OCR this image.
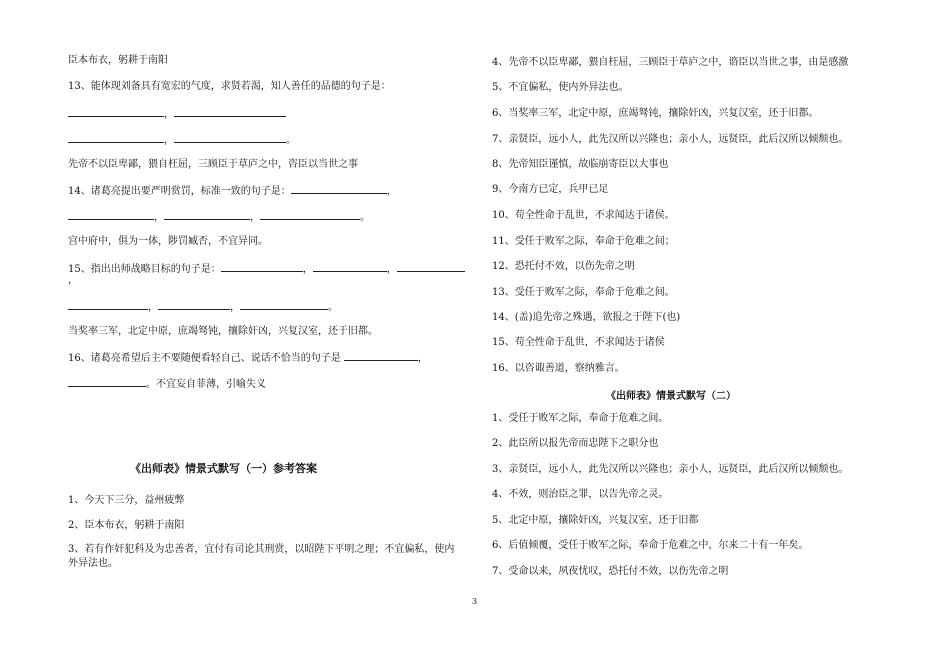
臣本布衣，躬耕于南阳
13、能体现刘备具有宽宏的气度，求贤若渴，知人善任的品德的句子是：
，
，	。
先帝不以臣卑鄙，猥自枉屈，三顾臣于草庐之中，咨臣以当世之事
14、诸葛亮提出要严明赏罚，标准一致的句子是：	，
，	，	。
宫中府中，俱为一体，陟罚臧否，不宜异同。
15、指出出师战略目标的句子是：	，	，
，
，	，	。
当奖率三军，北定中原，庶竭驽钝，攘除奸凶，兴复汉室，还于旧都。
16、诸葛亮希望后主不要随便看轻自己、说话不恰当的句子是	，
。不宜妄自菲薄，引喻失义
《出师表》情景式默写（一）参考答案
1、今天下三分，益州疲弊
2、臣本布衣，躬耕于南阳
3、若有作奸犯科及为忠善者，宜付有司论其刑赏，以昭陛下平明之理；不宜偏私，使内外异法也。
4、先帝不以臣卑鄙，猥自枉屈，三顾臣于草庐之中，谘臣以当世之事，由是感激
5、不宜偏私，使内外异法也。
6、当奖率三军，北定中原，庶竭驽钝，攘除奸凶，兴复汉室，还于旧都。
7、亲贤臣，远小人，此先汉所以兴隆也；亲小人，远贤臣，此后汉所以倾颓也。
8、先帝知臣谨慎，故临崩寄臣以大事也
9、今南方已定，兵甲已足
10、苟全性命于乱世，不求闻达于诸侯。
11、受任于败军之际，奉命于危难之间；
12、恐托付不效，以伤先帝之明
13、受任于败军之际，奉命于危难之间。
14、(盖)追先帝之殊遇，欲报之于陛下(也)
15、苟全性命于乱世，不求闻达于诸侯
16、以咨诹善道，察纳雅言。
《出师表》情景式默写（二）
1、受任于败军之际，奉命于危难之间。
2、此臣所以报先帝而忠陛下之职分也
3、亲贤臣，远小人，此先汉所以兴隆也；亲小人，远贤臣，此后汉所以倾颓也。
4、不效，则治臣之罪，以告先帝之灵。
5、北定中原，攘除奸凶，兴复汉室，还于旧都
6、后值倾覆，受任于败军之际，奉命于危难之中，尔来二十有一年矣。
7、受命以来，夙夜忧叹，恐托付不效，以伤先帝之明
3
